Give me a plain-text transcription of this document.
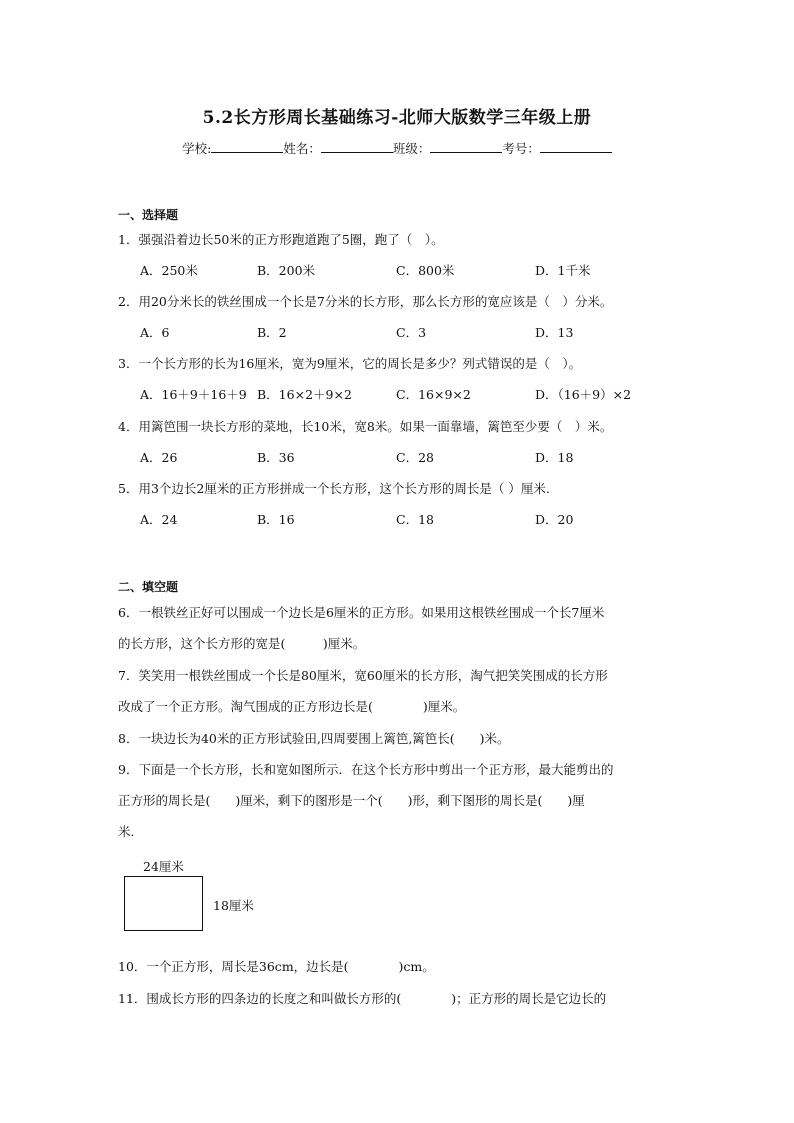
5.2长方形周长基础练习-北师大版数学三年级上册
学校:	姓名：	班级：	考号：
一、选择题
1．强强沿着边长50米的正方形跑道跑了5圈，跑了（　）。
A．250米	B．200米	C．800米	D．1千米
2．用20分米长的铁丝围成一个长是7分米的长方形，那么长方形的宽应该是（　）分米。
A．6	B．2	C．3	D．13
3．一个长方形的长为16厘米，宽为9厘米，它的周长是多少？列式错误的是（　）。
A．16＋9＋16＋9 B．16×2＋9×2	C．16×9×2	D．（16＋9）×2
4．用篱笆围一块长方形的菜地，长10米，宽8米。如果一面靠墙，篱笆至少要（　）米。
A．26	B．36	C．28	D．18
5．用3个边长2厘米的正方形拼成一个长方形，这个长方形的周长是（ ）厘米.
A．24	B．16	C．18	D．20
二、填空题
6．一根铁丝正好可以围成一个边长是6厘米的正方形。如果用这根铁丝围成一个长7厘米
的长方形，这个长方形的宽是(　　　)厘米。
7．笑笑用一根铁丝围成一个长是80厘米，宽60厘米的长方形，淘气把笑笑围成的长方形
改成了一个正方形。淘气围成的正方形边长是(　　　　)厘米。
8．一块边长为40米的正方形试验田,四周要围上篱笆,篱笆长(　　)米。
9．下面是一个长方形，长和宽如图所示．在这个长方形中剪出一个正方形，最大能剪出的
正方形的周长是(　　)厘米，剩下的图形是一个(　　)形，剩下图形的周长是(　　)厘
米．
24厘米
18厘米
10．一个正方形，周长是36cm，边长是(　　　　)cm。
11．围成长方形的四条边的长度之和叫做长方形的(　　　　)；正方形的周长是它边长的
